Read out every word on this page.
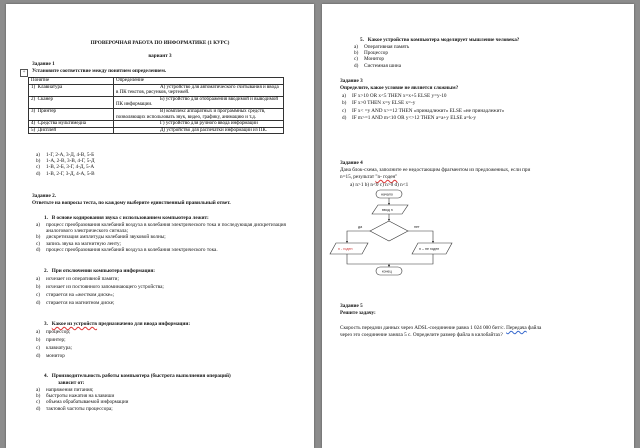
ПРОВЕРОЧНАЯ РАБОТА ПО ИНФОРМАТИКЕ (1 КУРС)
вариант 3
Задание 1
+	Установите соответствие между понятием определением.
Понятие	Определение
1) Клавиатура	А) устройство для автоматического считывания и ввода в ПК текстов, рисунков, чертежей.
2) Сканер	Б) устройство для отображения вводимой и выводимой ПК информации.
3) Принтер	В) комплекс аппаратных и программных средств, позволяющих использовать звук, видео, графику, анимацию и т.д.
4) Средства мультимедиа	Г) устройство для ручного ввода информации
5) Дисплей	Д) устройство для распечатки информации из ПК.
a) 1-Г, 2-А, 3-Д, 4-В, 5-Б
b) 1-А, 2-В, 3-В, 4-Г, 5-Д
c) 1-В, 2-Б, 3-Г, 4-Д, 5-А
d) 1-В, 2-Г, 3-Д, 4-А, 5-В
Задание 2.
Ответьте на вопросы теста, по каждому выберите единственный правильный ответ.
1. В основе кодирования звука с использованием компьютера лежит:
a) процесс преобразования колебаний воздуха в колебания электрического тока и последующая дискретизация
аналогового электрического сигнала;
b) дискретизация амплитуды колебаний звуковой волны;
c) запись звука на магнитную ленту;
d) процесс преобразования колебаний воздуха в колебания электрического тока.
2. При отключении компьютера информация:
a) исчезает из оперативной памяти;
b) исчезает из постоянного запоминающего устройства;
c) стирается на «жестком диске»;
d) стирается на магнитном диске;
3. Какое из устройств предназначено для ввода информации:
a) процессор;
b) принтер;
c) клавиатура;
d) монитор
4. Производительность работы компьютера (быстрота выполнения операций)
зависит от:
a) напряжения питания;
b) быстроты нажатия на клавиши
c) объема обрабатываемой информации
d) тактовой частоты процессора;
5. Какое устройство компьютера моделирует мышление человека?
a) Оперативная память
b) Процессор
c) Монитор
d) Системная шина
Задание 3
Определите, какое условие не является сложным?
a) IF x>10 OR x<5 THEN x=x+5 ELSE y=y-10
b) IF x>0 THEN x=y ELSE x=-y
c) IF x< =y AND x>=12 THEN «принадлежит» ELSE «не принадлежит»
d) IF m>=1 AND m<10 OR y<>12 THEN a=a+y ELSE a=k-y
Задание 4
Дана блок-схема, заполните ее недостающим фрагментом из предложенных, если при
n=15, результат "n- годен"
a) n>1 b) n<0 c) n>0 d) n<1
начало
ввод n
да	нет
n - годен	n – не годен
конец
Задание 5
Решите задачу:
Скорость передачи данных через ADSL-соединение равна 1 024 000 бит/с. Передача файла
через это соединение заняла 5 с. Определите размер файла в килобайтах?
